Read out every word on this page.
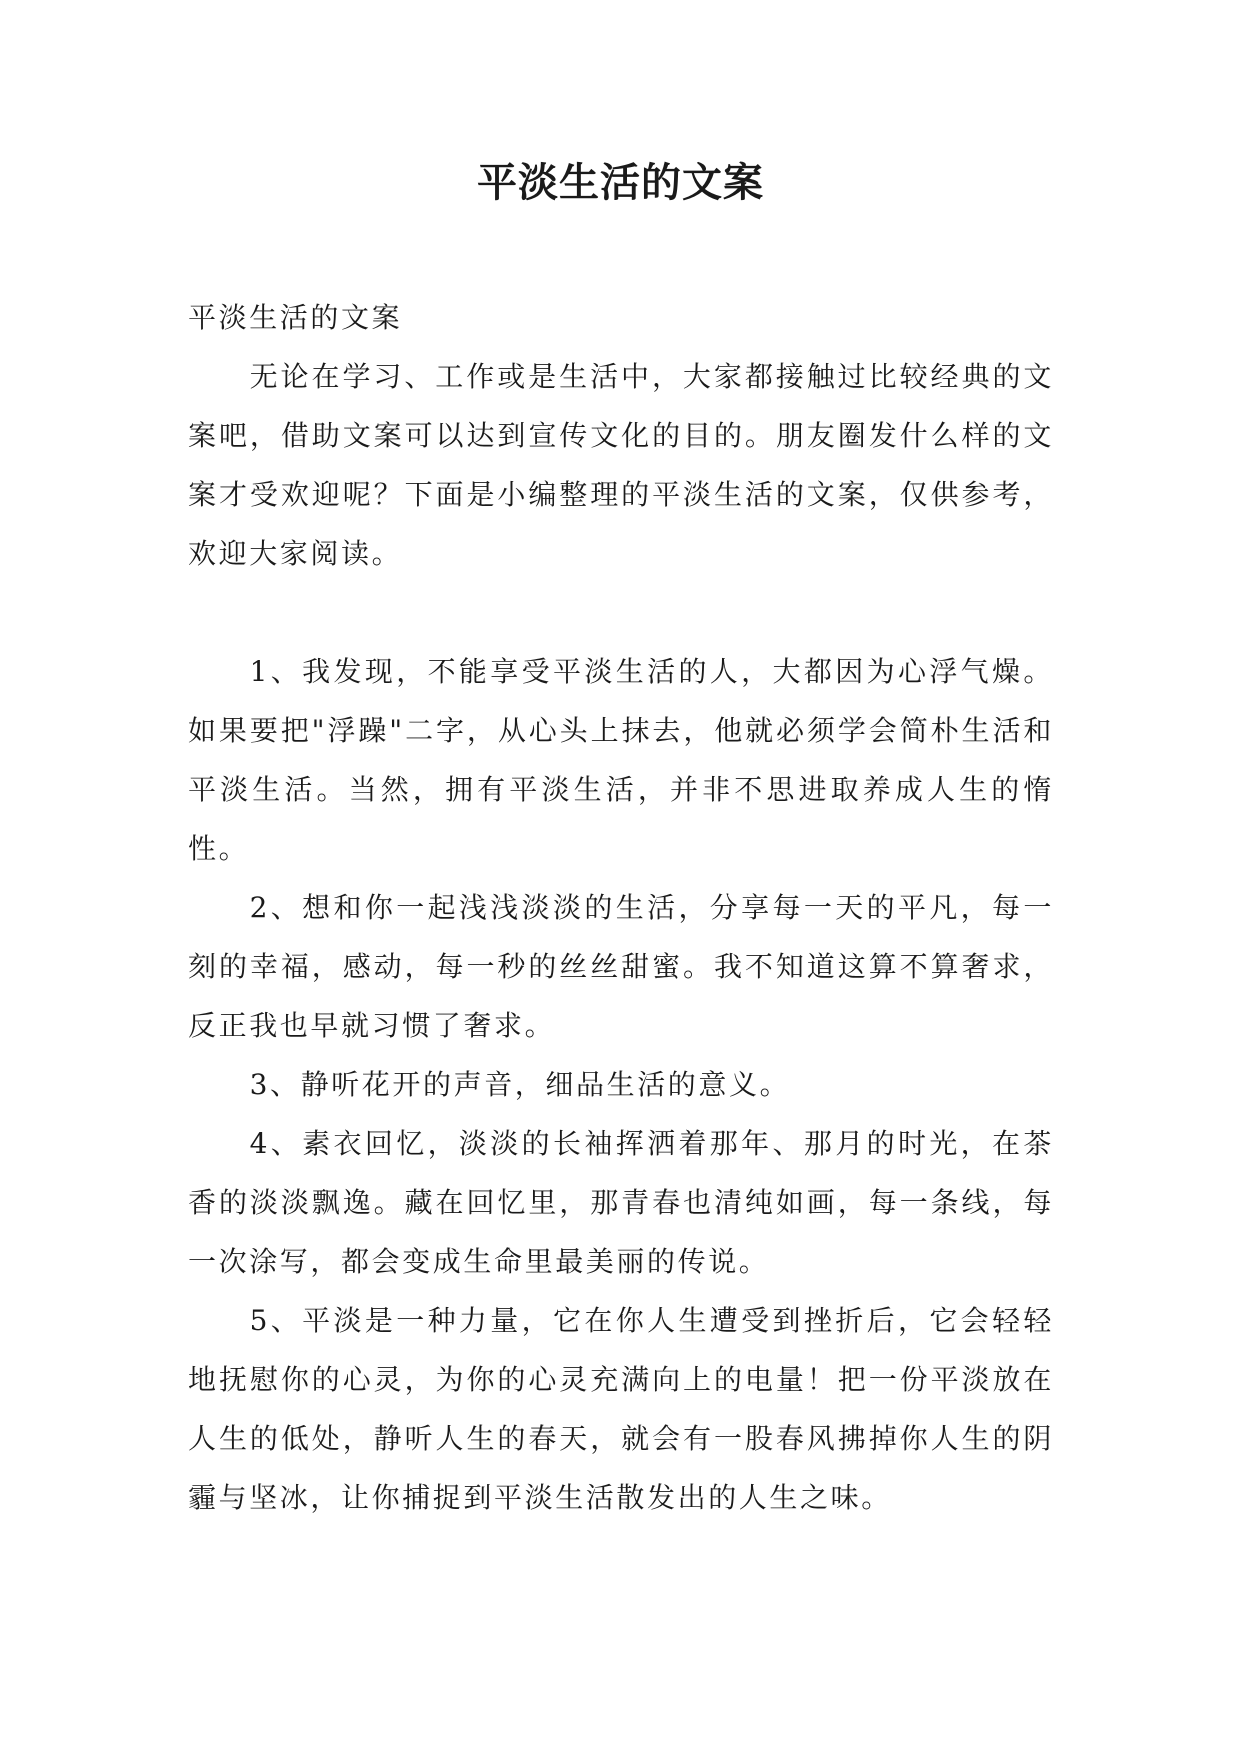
平淡生活的文案

平淡生活的文案

无论在学习、工作或是生活中，大家都接触过比较经典的文案吧，借助文案可以达到宣传文化的目的。朋友圈发什么样的文案才受欢迎呢？下面是小编整理的平淡生活的文案，仅供参考，欢迎大家阅读。

1、我发现，不能享受平淡生活的人，大都因为心浮气燥。如果要把"浮躁"二字，从心头上抹去，他就必须学会简朴生活和平淡生活。当然，拥有平淡生活，并非不思进取养成人生的惰性。

2、想和你一起浅浅淡淡的生活，分享每一天的平凡，每一刻的幸福，感动，每一秒的丝丝甜蜜。我不知道这算不算奢求，反正我也早就习惯了奢求。

3、静听花开的声音，细品生活的意义。

4、素衣回忆，淡淡的长袖挥洒着那年、那月的时光，在茶香的淡淡飘逸。藏在回忆里，那青春也清纯如画，每一条线，每一次涂写，都会变成生命里最美丽的传说。

5、平淡是一种力量，它在你人生遭受到挫折后，它会轻轻地抚慰你的心灵，为你的心灵充满向上的电量！把一份平淡放在人生的低处，静听人生的春天，就会有一股春风拂掉你人生的阴霾与坚冰，让你捕捉到平淡生活散发出的人生之味。
